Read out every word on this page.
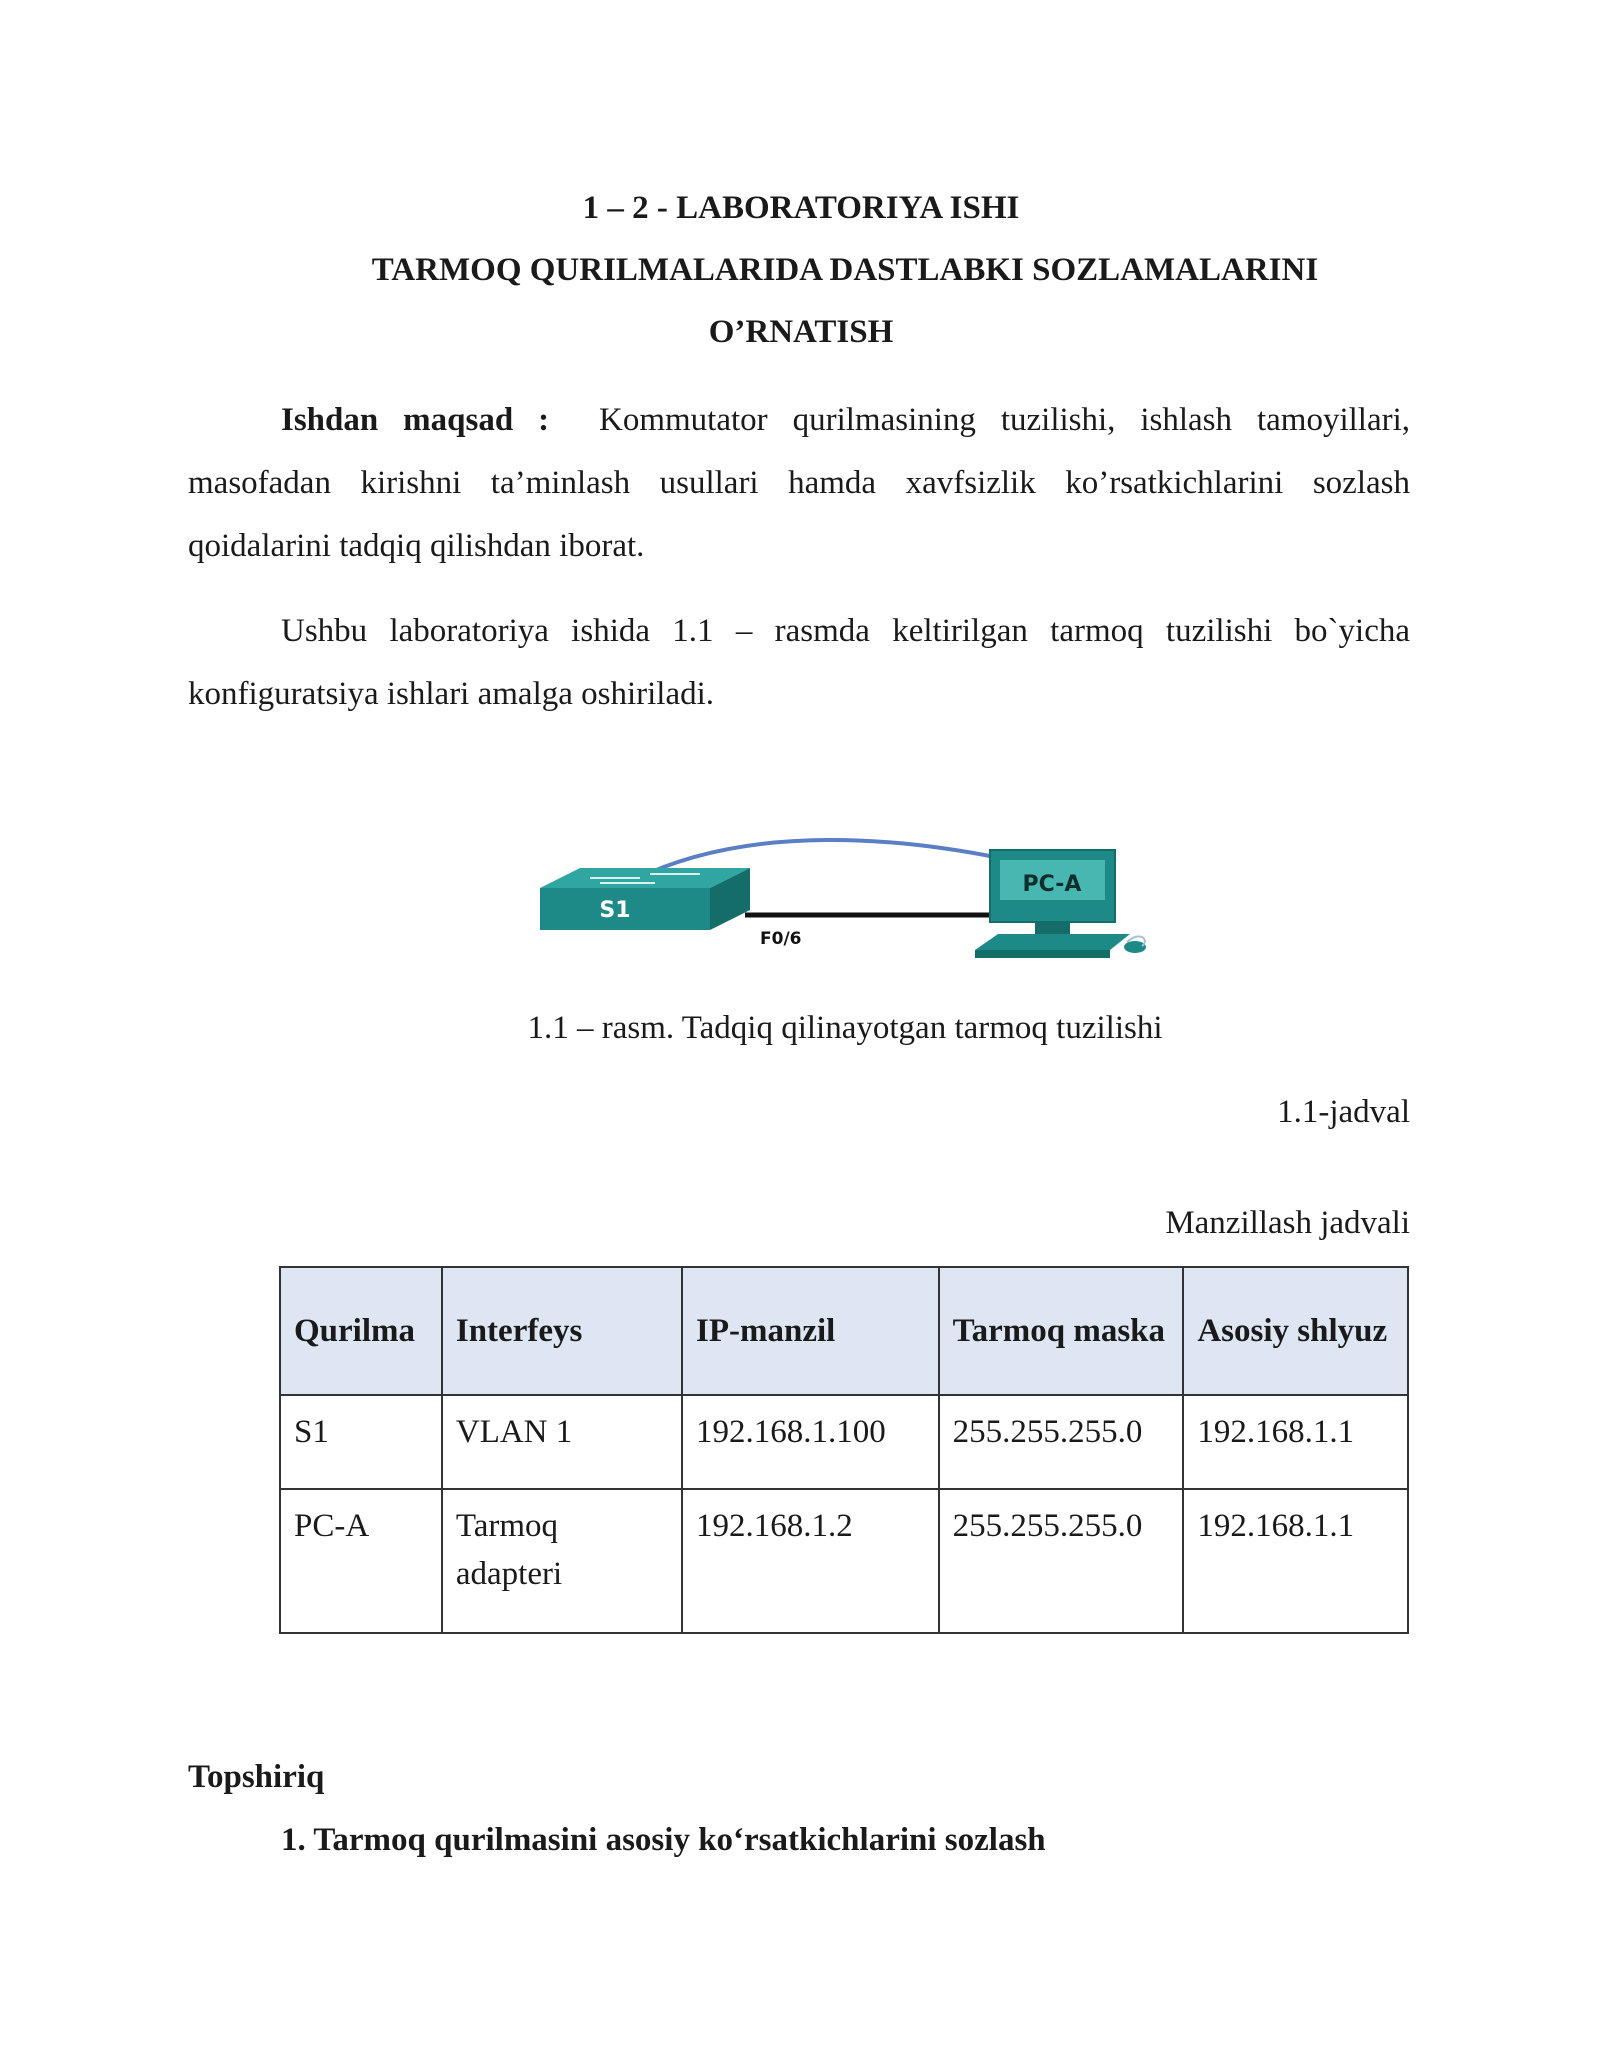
1 – 2 - LABORATORIYA ISHI
TARMOQ QURILMALARIDA DASTLABKI SOZLAMALARINI
O’RNATISH
Ishdan maqsad : Kommutator qurilmasining tuzilishi, ishlash tamoyillari, masofadan kirishni ta’minlash usullari hamda xavfsizlik ko’rsatkichlarini sozlash qoidalarini tadqiq qilishdan iborat.
Ushbu laboratoriya ishida 1.1 – rasmda keltirilgan tarmoq tuzilishi bo`yicha konfiguratsiya ishlari amalga oshiriladi.
S1
F0/6
PC-A
1.1 – rasm. Tadqiq qilinayotgan tarmoq tuzilishi
1.1-jadval
Manzillash jadvali
Qurilma	Interfeys	IP-manzil	Tarmoq maska	Asosiy shlyuz
S1	VLAN 1	192.168.1.100	255.255.255.0	192.168.1.1
PC-A	Tarmoq adapteri	192.168.1.2	255.255.255.0	192.168.1.1
Topshiriq
1. Tarmoq qurilmasini asosiy ko‘rsatkichlarini sozlash
